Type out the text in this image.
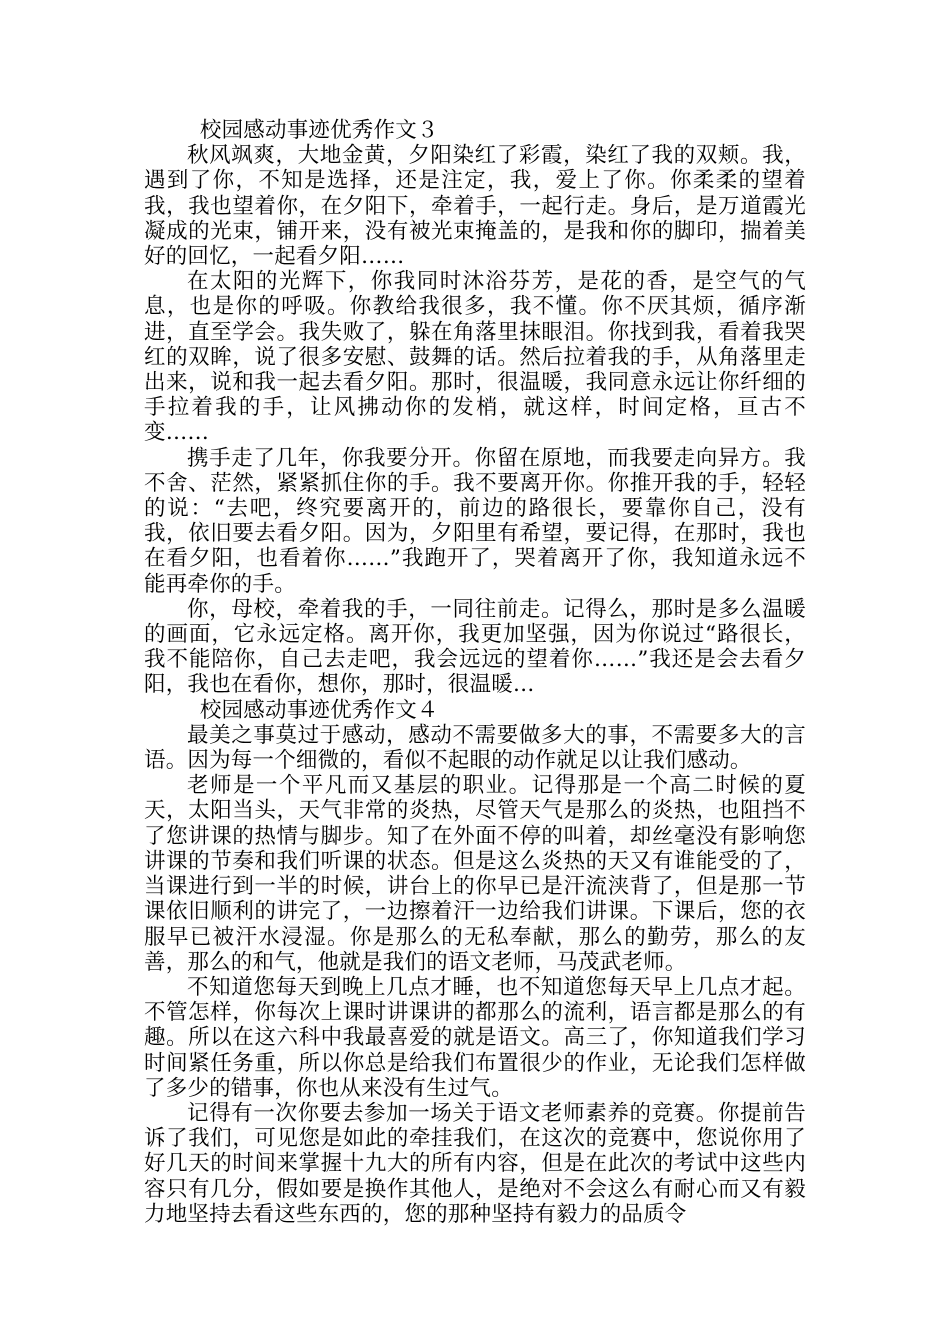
校园感动事迹优秀作文３

秋风飒爽，大地金黄，夕阳染红了彩霞，染红了我的双颊。我，遇到了你，不知是选择，还是注定，我，爱上了你。你柔柔的望着我，我也望着你，在夕阳下，牵着手，一起行走。身后，是万道霞光凝成的光束，铺开来，没有被光束掩盖的，是我和你的脚印，揣着美好的回忆，一起看夕阳……

在太阳的光辉下，你我同时沐浴芬芳，是花的香，是空气的气息，也是你的呼吸。你教给我很多，我不懂。你不厌其烦，循序渐进，直至学会。我失败了，躲在角落里抹眼泪。你找到我，看着我哭红的双眸，说了很多安慰、鼓舞的话。然后拉着我的手，从角落里走出来，说和我一起去看夕阳。那时，很温暖，我同意永远让你纤细的手拉着我的手，让风拂动你的发梢，就这样，时间定格，亘古不变……

携手走了几年，你我要分开。你留在原地，而我要走向异方。我不舍、茫然，紧紧抓住你的手。我不要离开你。你推开我的手，轻轻的说：“去吧，终究要离开的，前边的路很长，要靠你自己，没有我，依旧要去看夕阳。因为，夕阳里有希望，要记得，在那时，我也在看夕阳，也看着你……”我跑开了，哭着离开了你，我知道永远不能再牵你的手。

你，母校，牵着我的手，一同往前走。记得么，那时是多么温暖的画面，它永远定格。离开你，我更加坚强，因为你说过“路很长，我不能陪你，自己去走吧，我会远远的望着你……”我还是会去看夕阳，我也在看你，想你，那时，很温暖…

校园感动事迹优秀作文４

最美之事莫过于感动，感动不需要做多大的事，不需要多大的言语。因为每一个细微的，看似不起眼的动作就足以让我们感动。

老师是一个平凡而又基层的职业。记得那是一个高二时候的夏天，太阳当头，天气非常的炎热，尽管天气是那么的炎热，也阻挡不了您讲课的热情与脚步。知了在外面不停的叫着，却丝毫没有影响您讲课的节奏和我们听课的状态。但是这么炎热的天又有谁能受的了，当课进行到一半的时候，讲台上的你早已是汗流浃背了，但是那一节课依旧顺利的讲完了，一边擦着汗一边给我们讲课。下课后，您的衣服早已被汗水浸湿。你是那么的无私奉献，那么的勤劳，那么的友善，那么的和气，他就是我们的语文老师，马茂武老师。

不知道您每天到晚上几点才睡，也不知道您每天早上几点才起。不管怎样，你每次上课时讲课讲的都那么的流利，语言都是那么的有趣。所以在这六科中我最喜爱的就是语文。高三了，你知道我们学习时间紧任务重，所以你总是给我们布置很少的作业，无论我们怎样做了多少的错事，你也从来没有生过气。

记得有一次你要去参加一场关于语文老师素养的竞赛。你提前告诉了我们，可见您是如此的牵挂我们，在这次的竞赛中，您说你用了好几天的时间来掌握十九大的所有内容，但是在此次的考试中这些内容只有几分，假如要是换作其他人，是绝对不会这么有耐心而又有毅力地坚持去看这些东西的，您的那种坚持有毅力的品质令
